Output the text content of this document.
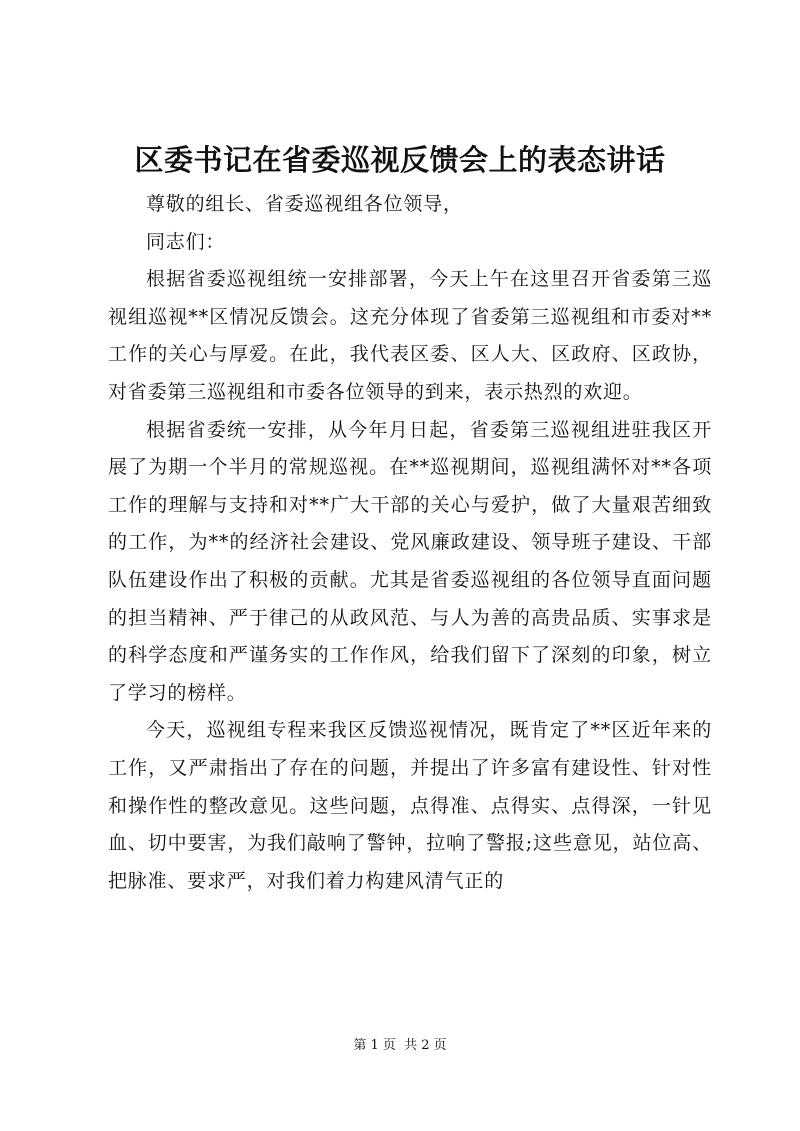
区委书记在省委巡视反馈会上的表态讲话

尊敬的组长、省委巡视组各位领导，

同志们：

根据省委巡视组统一安排部署，今天上午在这里召开省委第三巡视组巡视**区情况反馈会。这充分体现了省委第三巡视组和市委对**工作的关心与厚爱。在此，我代表区委、区人大、区政府、区政协，对省委第三巡视组和市委各位领导的到来，表示热烈的欢迎。

根据省委统一安排，从今年月日起，省委第三巡视组进驻我区开展了为期一个半月的常规巡视。在**巡视期间，巡视组满怀对**各项工作的理解与支持和对**广大干部的关心与爱护，做了大量艰苦细致的工作，为**的经济社会建设、党风廉政建设、领导班子建设、干部队伍建设作出了积极的贡献。尤其是省委巡视组的各位领导直面问题的担当精神、严于律己的从政风范、与人为善的高贵品质、实事求是的科学态度和严谨务实的工作作风，给我们留下了深刻的印象，树立了学习的榜样。

今天，巡视组专程来我区反馈巡视情况，既肯定了**区近年来的工作，又严肃指出了存在的问题，并提出了许多富有建设性、针对性和操作性的整改意见。这些问题，点得准、点得实、点得深，一针见血、切中要害，为我们敲响了警钟，拉响了警报;这些意见，站位高、把脉准、要求严，对我们着力构建风清气正的

第 1 页 共 2 页
